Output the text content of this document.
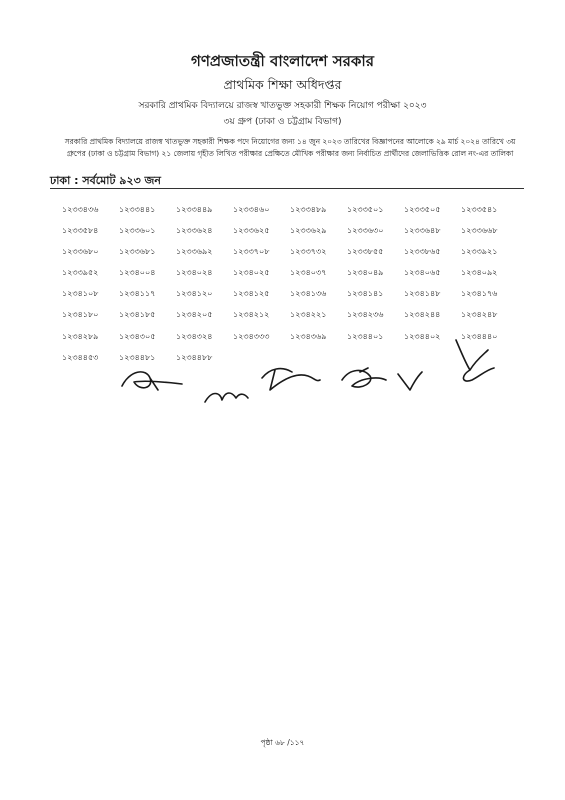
গণপ্রজাতন্ত্রী বাংলাদেশ সরকার
প্রাথমিক শিক্ষা অধিদপ্তর
সরকারি প্রাথমিক বিদ্যালয়ে রাজস্ব খাতভুক্ত সহকারী শিক্ষক নিয়োগ পরীক্ষা ২০২৩
৩য় গ্রুপ (ঢাকা ও চট্টগ্রাম বিভাগ)
সরকারি প্রাথমিক বিদ্যালয়ে রাজস্ব খাতভুক্ত সহকারী শিক্ষক পদে নিয়োগের জন্য ১৪ জুন ২০২৩ তারিখের বিজ্ঞাপনের আলোকে ২৯ মার্চ ২০২৪ তারিখে ৩য় গ্রুপের (ঢাকা ও চট্টগ্রাম বিভাগ) ২১ জেলায় গৃহীত লিখিত পরীক্ষার প্রেক্ষিতে মৌখিক পরীক্ষার জন্য নির্বাচিত প্রার্থীদের জেলাভিত্তিক রোল নং-এর তালিকা
ঢাকা : সর্বমোট ৯২৩ জন
১২৩৩৪৩৬	১২৩৩৪৪১	১২৩৩৪৪৯	১২৩৩৪৬০	১২৩৩৪৮৯	১২৩৩৫০১	১২৩৩৫০৫	১২৩৩৫৪১
১২৩৩৫৮৪	১২৩৩৬০১	১২৩৩৬২৪	১২৩৩৬২৫	১২৩৩৬২৯	১২৩৩৬৩০	১২৩৩৬৪৮	১২৩৩৬৬৮
১২৩৩৬৮০	১২৩৩৬৮১	১২৩৩৬৯২	১২৩৩৭০৮	১২৩৩৭৩২	১২৩৩৮৫৫	১২৩৩৮৬৫	১২৩৩৯২১
১২৩৩৯৫২	১২৩৪০০৪	১২৩৪০২৪	১২৩৪০২৫	১২৩৪০৩৭	১২৩৪০৪৯	১২৩৪০৬৫	১২৩৪০৯২
১২৩৪১০৮	১২৩৪১১৭	১২৩৪১২০	১২৩৪১২৫	১২৩৪১৩৬	১২৩৪১৪১	১২৩৪১৪৮	১২৩৪১৭৬
১২৩৪১৮০	১২৩৪১৮৫	১২৩৪২০৫	১২৩৪২১২	১২৩৪২২১	১২৩৪২৩৬	১২৩৪২৪৪	১২৩৪২৪৮
১২৩৪২৮৯	১২৩৪৩০৫	১২৩৪৩২৪	১২৩৪৩৩৩	১২৩৪৩৬৯	১২৩৪৪০১	১২৩৪৪০২	১২৩৪৪৪০
১২৩৪৪৫৩	১২৩৪৪৮১	১২৩৪৪৮৮
পৃষ্ঠা ৬৮ /১১৭
